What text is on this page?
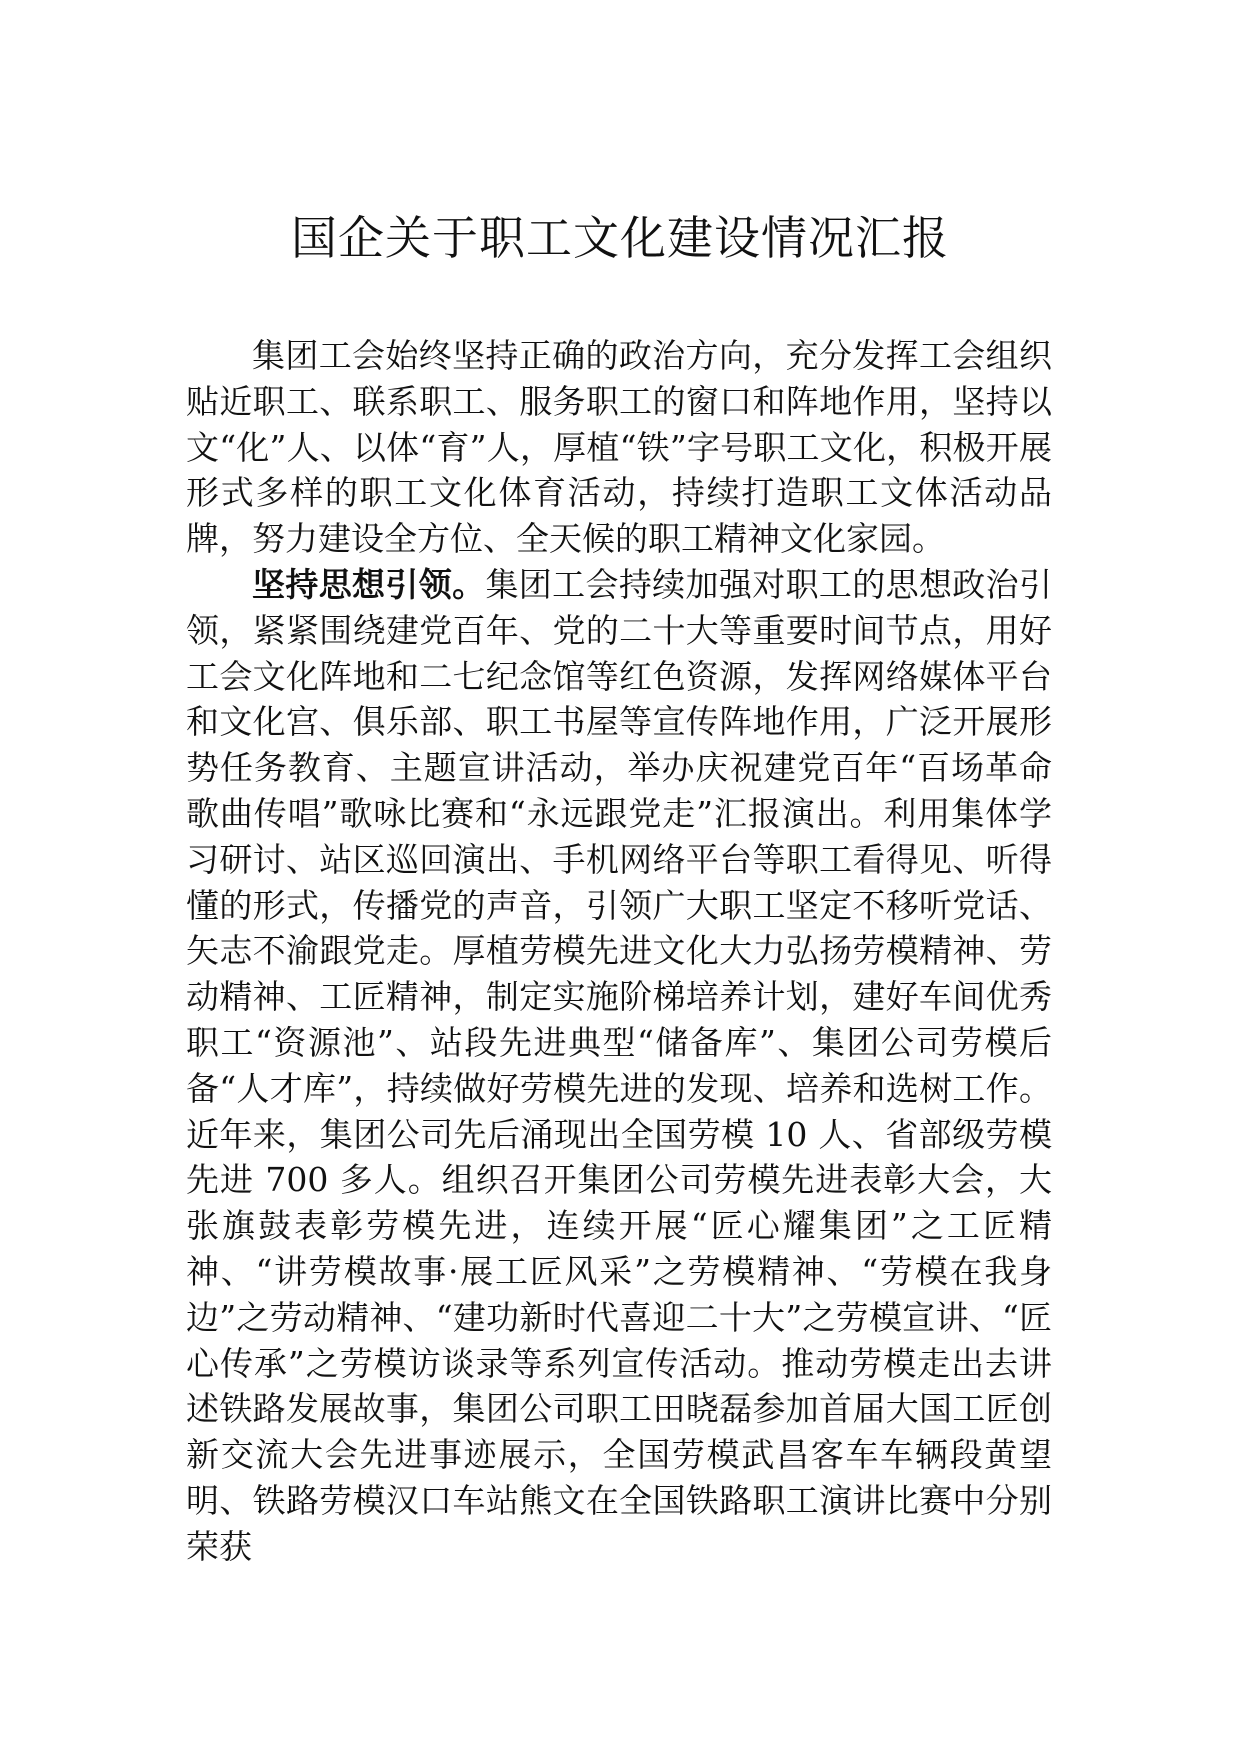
国企关于职工文化建设情况汇报

集团工会始终坚持正确的政治方向，充分发挥工会组织贴近职工、联系职工、服务职工的窗口和阵地作用，坚持以文“化”人、以体“育”人，厚植“铁”字号职工文化，积极开展形式多样的职工文化体育活动，持续打造职工文体活动品牌，努力建设全方位、全天候的职工精神文化家园。

坚持思想引领。集团工会持续加强对职工的思想政治引领，紧紧围绕建党百年、党的二十大等重要时间节点，用好工会文化阵地和二七纪念馆等红色资源，发挥网络媒体平台和文化宫、俱乐部、职工书屋等宣传阵地作用，广泛开展形势任务教育、主题宣讲活动，举办庆祝建党百年“百场革命歌曲传唱”歌咏比赛和“永远跟党走”汇报演出。利用集体学习研讨、站区巡回演出、手机网络平台等职工看得见、听得懂的形式，传播党的声音，引领广大职工坚定不移听党话、矢志不渝跟党走。厚植劳模先进文化大力弘扬劳模精神、劳动精神、工匠精神，制定实施阶梯培养计划，建好车间优秀职工“资源池”、站段先进典型“储备库”、集团公司劳模后备“人才库”，持续做好劳模先进的发现、培养和选树工作。近年来，集团公司先后涌现出全国劳模 10 人、省部级劳模先进 700 多人。组织召开集团公司劳模先进表彰大会，大张旗鼓表彰劳模先进，连续开展“匠心耀集团”之工匠精神、“讲劳模故事·展工匠风采”之劳模精神、“劳模在我身边”之劳动精神、“建功新时代喜迎二十大”之劳模宣讲、“匠心传承”之劳模访谈录等系列宣传活动。推动劳模走出去讲述铁路发展故事，集团公司职工田晓磊参加首届大国工匠创新交流大会先进事迹展示，全国劳模武昌客车车辆段黄望明、铁路劳模汉口车站熊文在全国铁路职工演讲比赛中分别荣获
